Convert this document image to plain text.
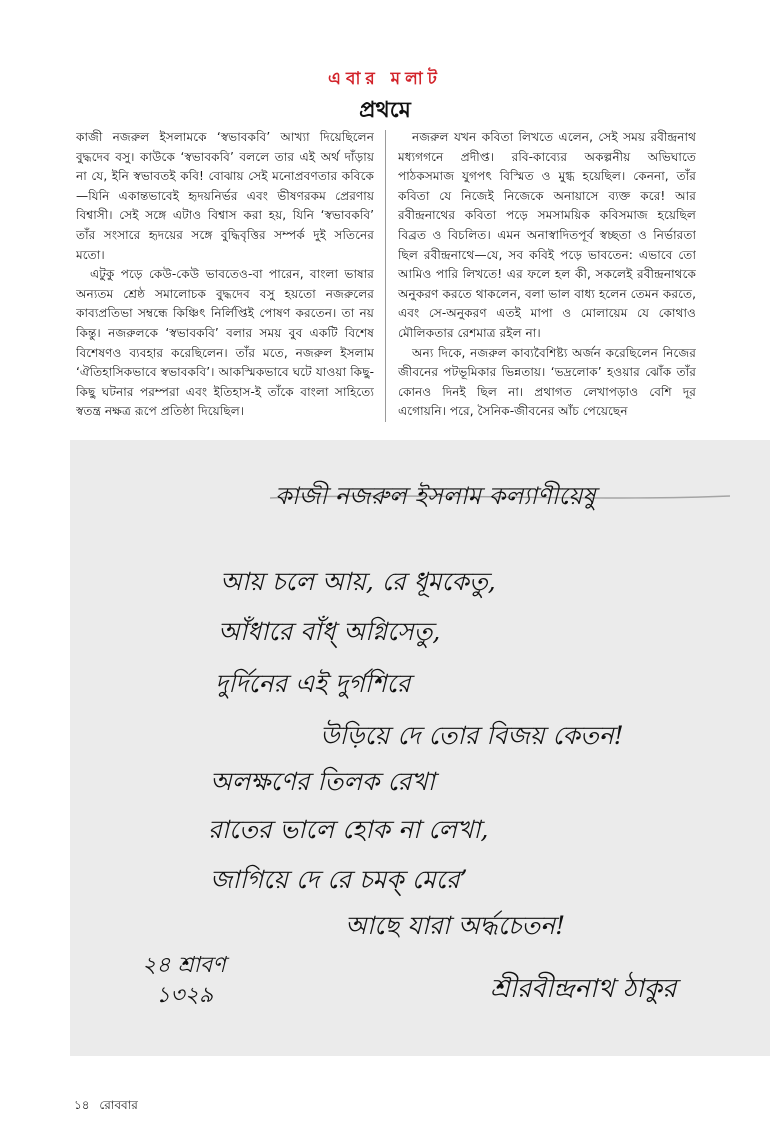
এবার মলাট
প্রথমে

কাজী নজরুল ইসলামকে ‘স্বভাবকবি’ আখ্যা দিয়েছিলেন বুদ্ধদেব বসু। কাউকে ‘স্বভাবকবি’ বললে তার এই অর্থ দাঁড়ায় না যে, ইনি স্বভাবতই কবি! বোঝায় সেই মনোপ্রবণতার কবিকে—যিনি একান্তভাবেই হৃদয়নির্ভর এবং ভীষণরকম প্রেরণায় বিশ্বাসী। সেই সঙ্গে এটাও বিশ্বাস করা হয়, যিনি ‘স্বভাবকবি’ তাঁর সংসারে হৃদয়ের সঙ্গে বুদ্ধিবৃত্তির সম্পর্ক দুই সতিনের মতো।

এটুকু পড়ে কেউ-কেউ ভাবতেও-বা পারেন, বাংলা ভাষার অন্যতম শ্রেষ্ঠ সমালোচক বুদ্ধদেব বসু হয়তো নজরুলের কাব্যপ্রতিভা সম্বন্ধে কিঞ্চিৎ নির্লিপ্তিই পোষণ করতেন। তা নয় কিন্তু। নজরুলকে ‘স্বভাবকবি’ বলার সময় বুব একটি বিশেষ বিশেষণও ব্যবহার করেছিলেন। তাঁর মতে, নজরুল ইসলাম ‘ঐতিহাসিকভাবে স্বভাবকবি’। আকস্মিকভাবে ঘটে যাওয়া কিছু-কিছু ঘটনার পরম্পরা এবং ইতিহাস-ই তাঁকে বাংলা সাহিত্যে স্বতন্ত্র নক্ষত্র রূপে প্রতিষ্ঠা দিয়েছিল।

নজরুল যখন কবিতা লিখতে এলেন, সেই সময় রবীন্দ্রনাথ মধ্যগগনে প্রদীপ্ত। রবি-কাব্যের অকল্পনীয় অভিঘাতে পাঠকসমাজ যুগপৎ বিস্মিত ও মুগ্ধ হয়েছিল। কেননা, তাঁর কবিতা যে নিজেই নিজেকে অনায়াসে ব্যক্ত করে! আর রবীন্দ্রনাথের কবিতা পড়ে সমসাময়িক কবিসমাজ হয়েছিল বিব্রত ও বিচলিত। এমন অনাস্বাদিতপূর্ব স্বচ্ছতা ও নির্ভারতা ছিল রবীন্দ্রনাথে—যে, সব কবিই পড়ে ভাবতেন: এভাবে তো আমিও পারি লিখতে! এর ফলে হল কী, সকলেই রবীন্দ্রনাথকে অনুকরণ করতে থাকলেন, বলা ভাল বাধ্য হলেন তেমন করতে, এবং সে-অনুকরণ এতই মাপা ও মোলায়েম যে কোথাও মৌলিকতার রেশমাত্র রইল না।

অন্য দিকে, নজরুল কাব্যবৈশিষ্ট্য অর্জন করেছিলেন নিজের জীবনের পটভূমিকার ভিন্নতায়। ‘ভদ্রলোক’ হওয়ার ঝোঁক তাঁর কোনও দিনই ছিল না। প্রথাগত লেখাপড়াও বেশি দূর এগোয়নি। পরে, সৈনিক-জীবনের আঁচ পেয়েছেন

কাজী নজরুল ইসলাম কল্যাণীয়েষু
আয় চলে আয়, রে ধূমকেতু,
আঁধারে বাঁধ্‌ অগ্নিসেতু,
দুর্দিনের এই দুর্গশিরে
উড়িয়ে দে তোর বিজয় কেতন!
অলক্ষণের তিলক রেখা
রাতের ভালে হোক না লেখা,
জাগিয়ে দে রে চমক্‌ মেরে’
আছে যারা অর্দ্ধচেতন!
২৪ শ্রাবণ
১৩২৯	শ্রীরবীন্দ্রনাথ ঠাকুর
১৪ রোববার
